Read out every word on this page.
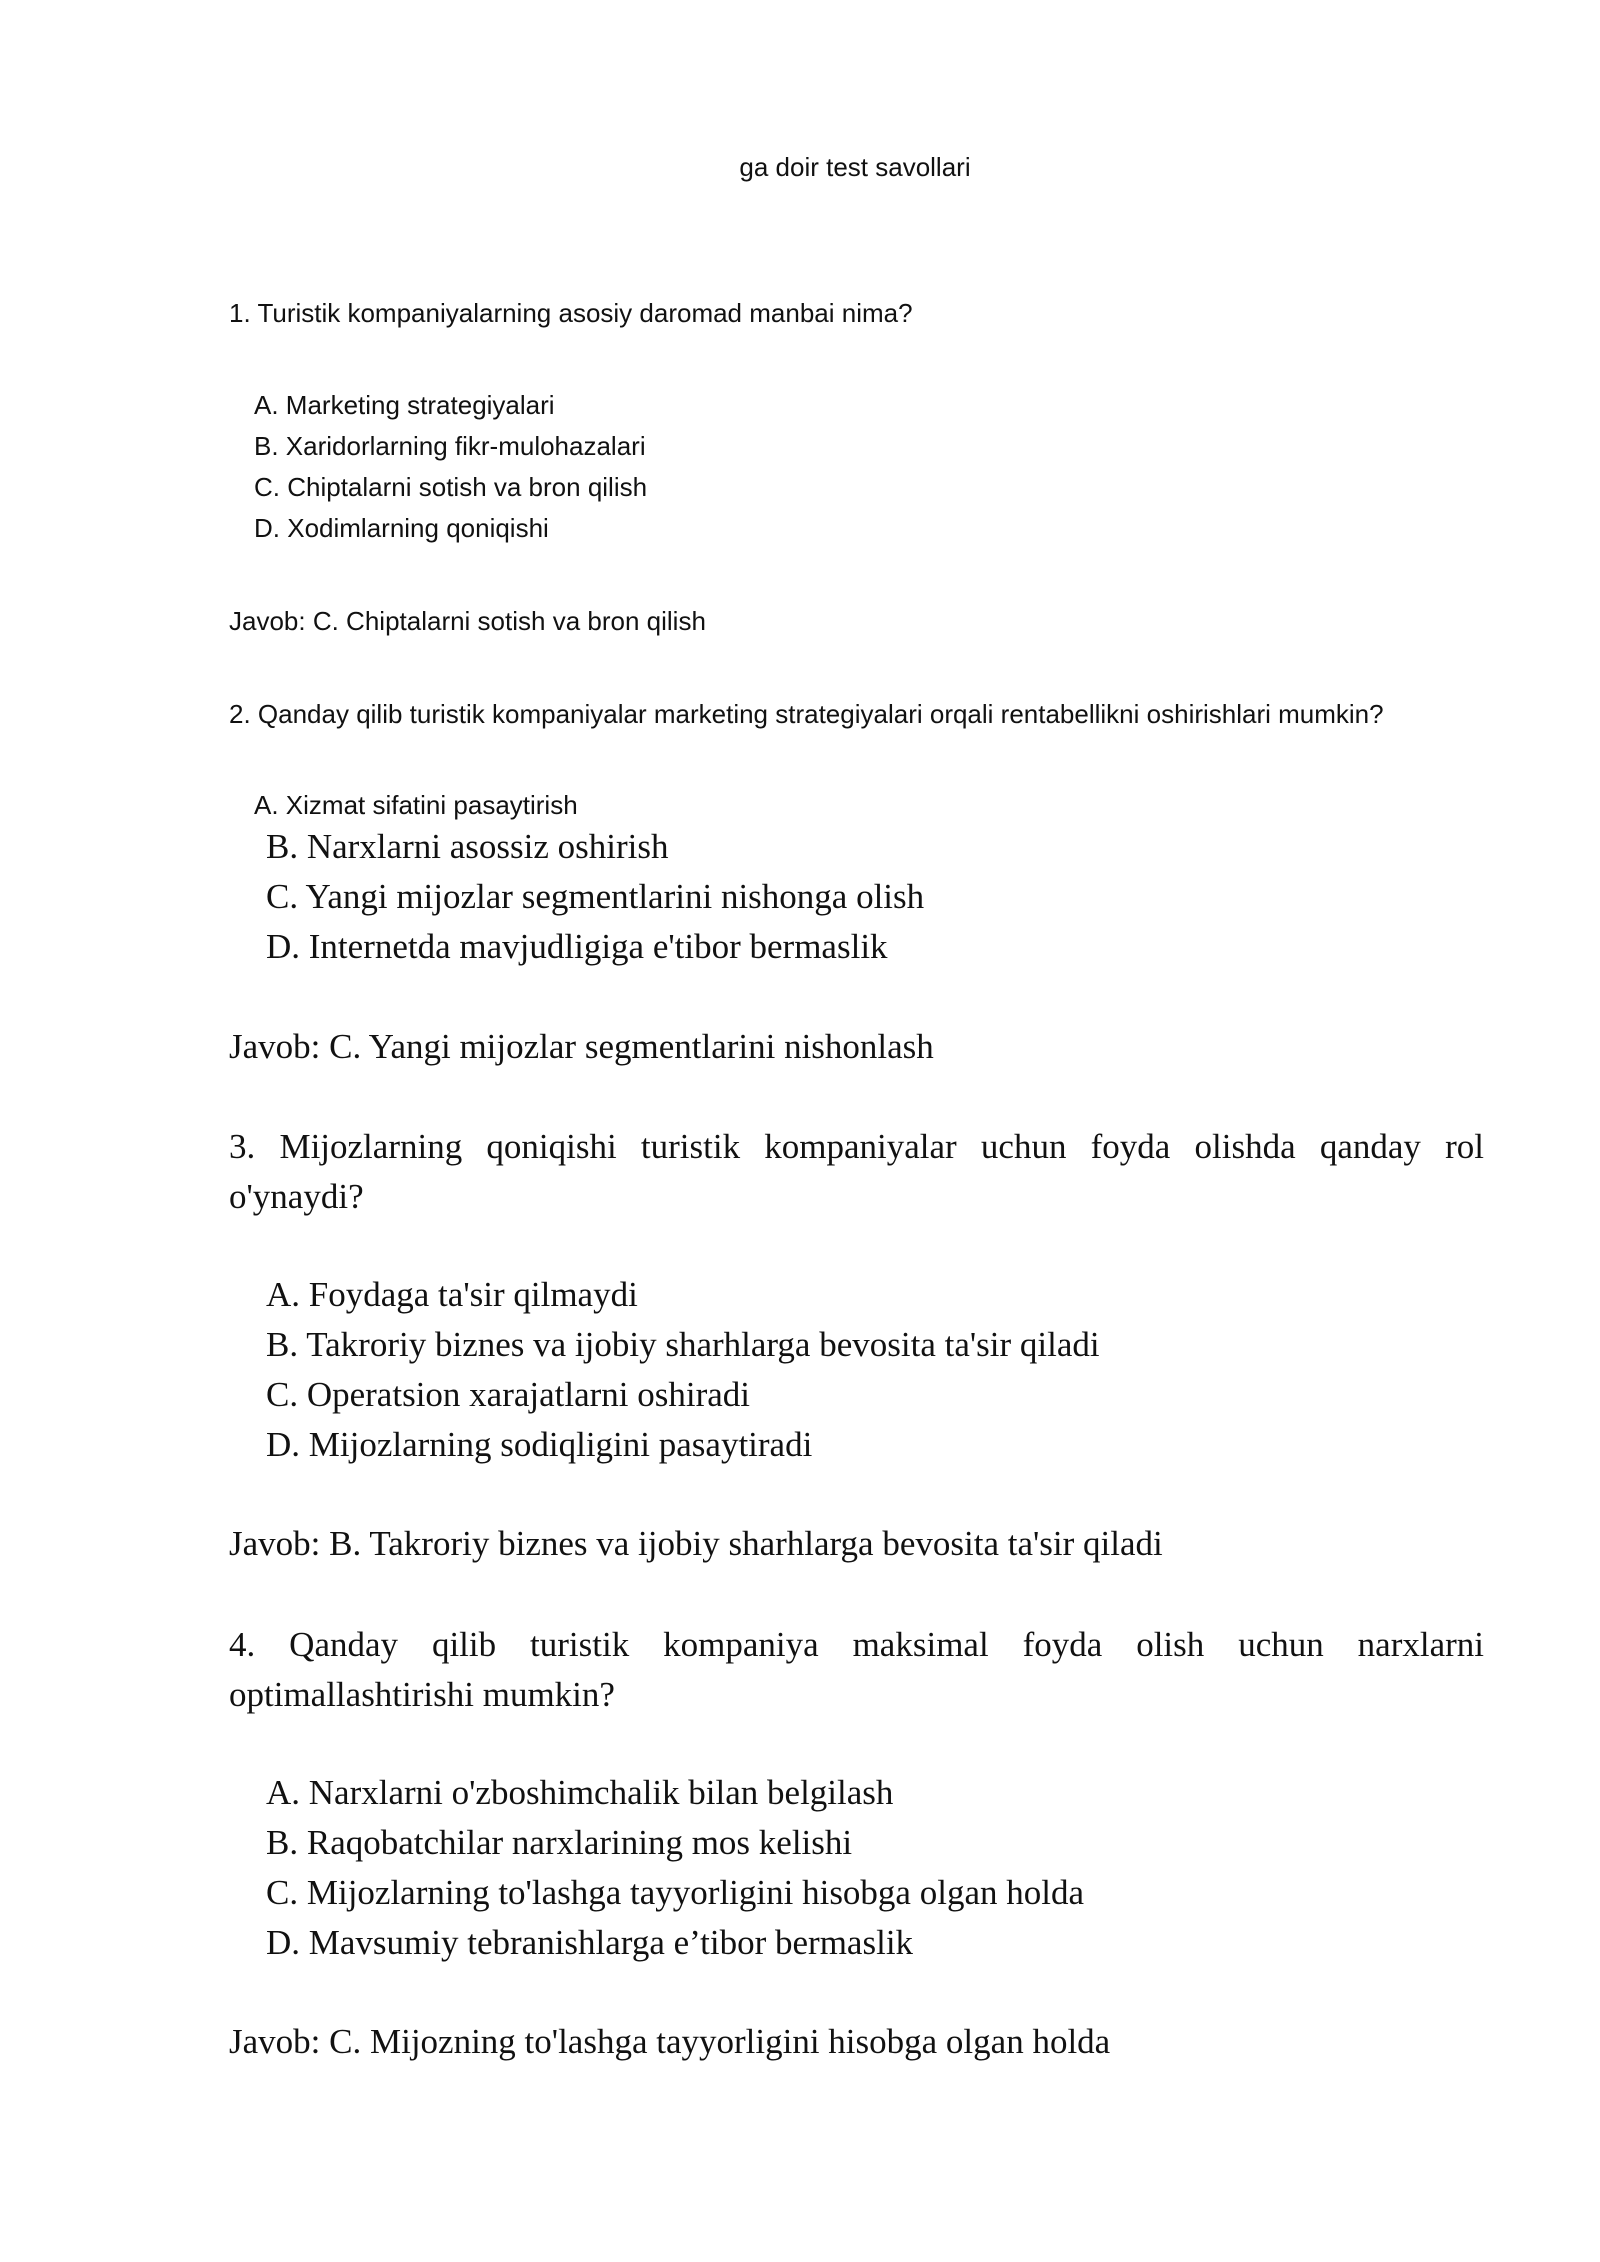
ga doir test savollari
1. Turistik kompaniyalarning asosiy daromad manbai nima?
A. Marketing strategiyalari
B. Xaridorlarning fikr-mulohazalari
C. Chiptalarni sotish va bron qilish
D. Xodimlarning qoniqishi
Javob: C. Chiptalarni sotish va bron qilish
2. Qanday qilib turistik kompaniyalar marketing strategiyalari orqali rentabellikni oshirishlari mumkin?
A. Xizmat sifatini pasaytirish
B. Narxlarni asossiz oshirish
C. Yangi mijozlar segmentlarini nishonga olish
D. Internetda mavjudligiga e'tibor bermaslik
Javob: C. Yangi mijozlar segmentlarini nishonlash
3. Mijozlarning qoniqishi turistik kompaniyalar uchun foyda olishda qanday rol o'ynaydi?
A. Foydaga ta'sir qilmaydi
B. Takroriy biznes va ijobiy sharhlarga bevosita ta'sir qiladi
C. Operatsion xarajatlarni oshiradi
D. Mijozlarning sodiqligini pasaytiradi
Javob: B. Takroriy biznes va ijobiy sharhlarga bevosita ta'sir qiladi
4. Qanday qilib turistik kompaniya maksimal foyda olish uchun narxlarni optimallashtirishi mumkin?
A. Narxlarni o'zboshimchalik bilan belgilash
B. Raqobatchilar narxlarining mos kelishi
C. Mijozlarning to'lashga tayyorligini hisobga olgan holda
D. Mavsumiy tebranishlarga e’tibor bermaslik
Javob: C. Mijozning to'lashga tayyorligini hisobga olgan holda
